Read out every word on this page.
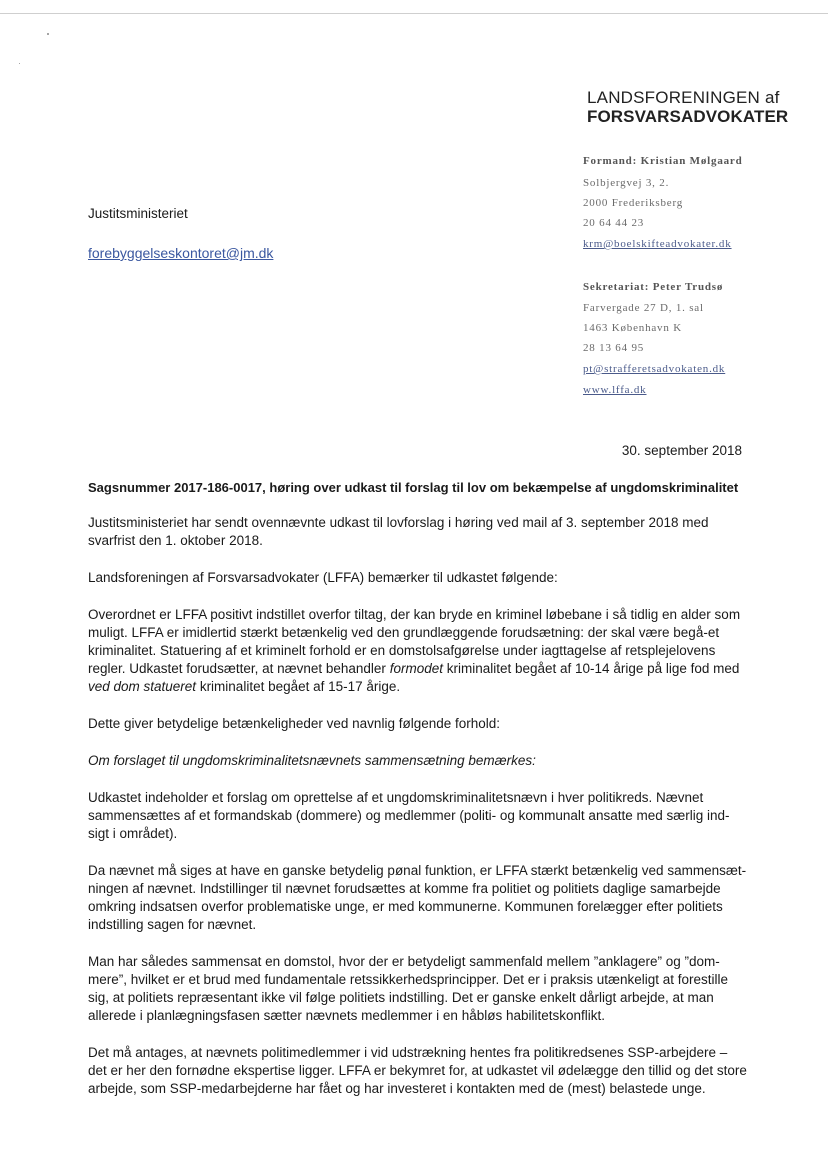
LANDSFORENINGEN af
FORSVARSADVOKATER
Formand: Kristian Mølgaard
Solbjergvej 3, 2.
2000 Frederiksberg
20 64 44 23
krm@boelskifteadvokater.dk
Sekretariat: Peter Trudsø
Farvergade 27 D, 1. sal
1463 København K
28 13 64 95
pt@strafferetsadvokaten.dk
www.lffa.dk
Justitsministeriet
forebyggelseskontoret@jm.dk
30. september 2018
Sagsnummer 2017-186-0017, høring over udkast til forslag til lov om bekæmpelse af ungdomskriminalitet

Justitsministeriet har sendt ovennævnte udkast til lovforslag i høring ved mail af 3. september 2018 med svarfrist den 1. oktober 2018.

Landsforeningen af Forsvarsadvokater (LFFA) bemærker til udkastet følgende:

Overordnet er LFFA positivt indstillet overfor tiltag, der kan bryde en kriminel løbebane i så tidlig en alder som muligt. LFFA er imidlertid stærkt betænkelig ved den grundlæggende forudsætning: der skal være begå-et kriminalitet. Statuering af et kriminelt forhold er en domstolsafgørelse under iagttagelse af retsplejelovens regler. Udkastet forudsætter, at nævnet behandler formodet kriminalitet begået af 10-14 årige på lige fod med ved dom statueret kriminalitet begået af 15-17 årige.

Dette giver betydelige betænkeligheder ved navnlig følgende forhold:

Om forslaget til ungdomskriminalitetsnævnets sammensætning bemærkes:

Udkastet indeholder et forslag om oprettelse af et ungdomskriminalitetsnævn i hver politikreds. Nævnet sammensættes af et formandskab (dommere) og medlemmer (politi- og kommunalt ansatte med særlig ind-sigt i området).

Da nævnet må siges at have en ganske betydelig pønal funktion, er LFFA stærkt betænkelig ved sammensæt-ningen af nævnet. Indstillinger til nævnet forudsættes at komme fra politiet og politiets daglige samarbejde omkring indsatsen overfor problematiske unge, er med kommunerne. Kommunen forelægger efter politiets indstilling sagen for nævnet.

Man har således sammensat en domstol, hvor der er betydeligt sammenfald mellem ”anklagere” og ”dom-mere”, hvilket er et brud med fundamentale retssikkerhedsprincipper. Det er i praksis utænkeligt at forestille sig, at politiets repræsentant ikke vil følge politiets indstilling. Det er ganske enkelt dårligt arbejde, at man allerede i planlægningsfasen sætter nævnets medlemmer i en håbløs habilitetskonflikt.

Det må antages, at nævnets politimedlemmer i vid udstrækning hentes fra politikredsenes SSP-arbejdere – det er her den fornødne ekspertise ligger. LFFA er bekymret for, at udkastet vil ødelægge den tillid og det store arbejde, som SSP-medarbejderne har fået og har investeret i kontakten med de (mest) belastede unge.
